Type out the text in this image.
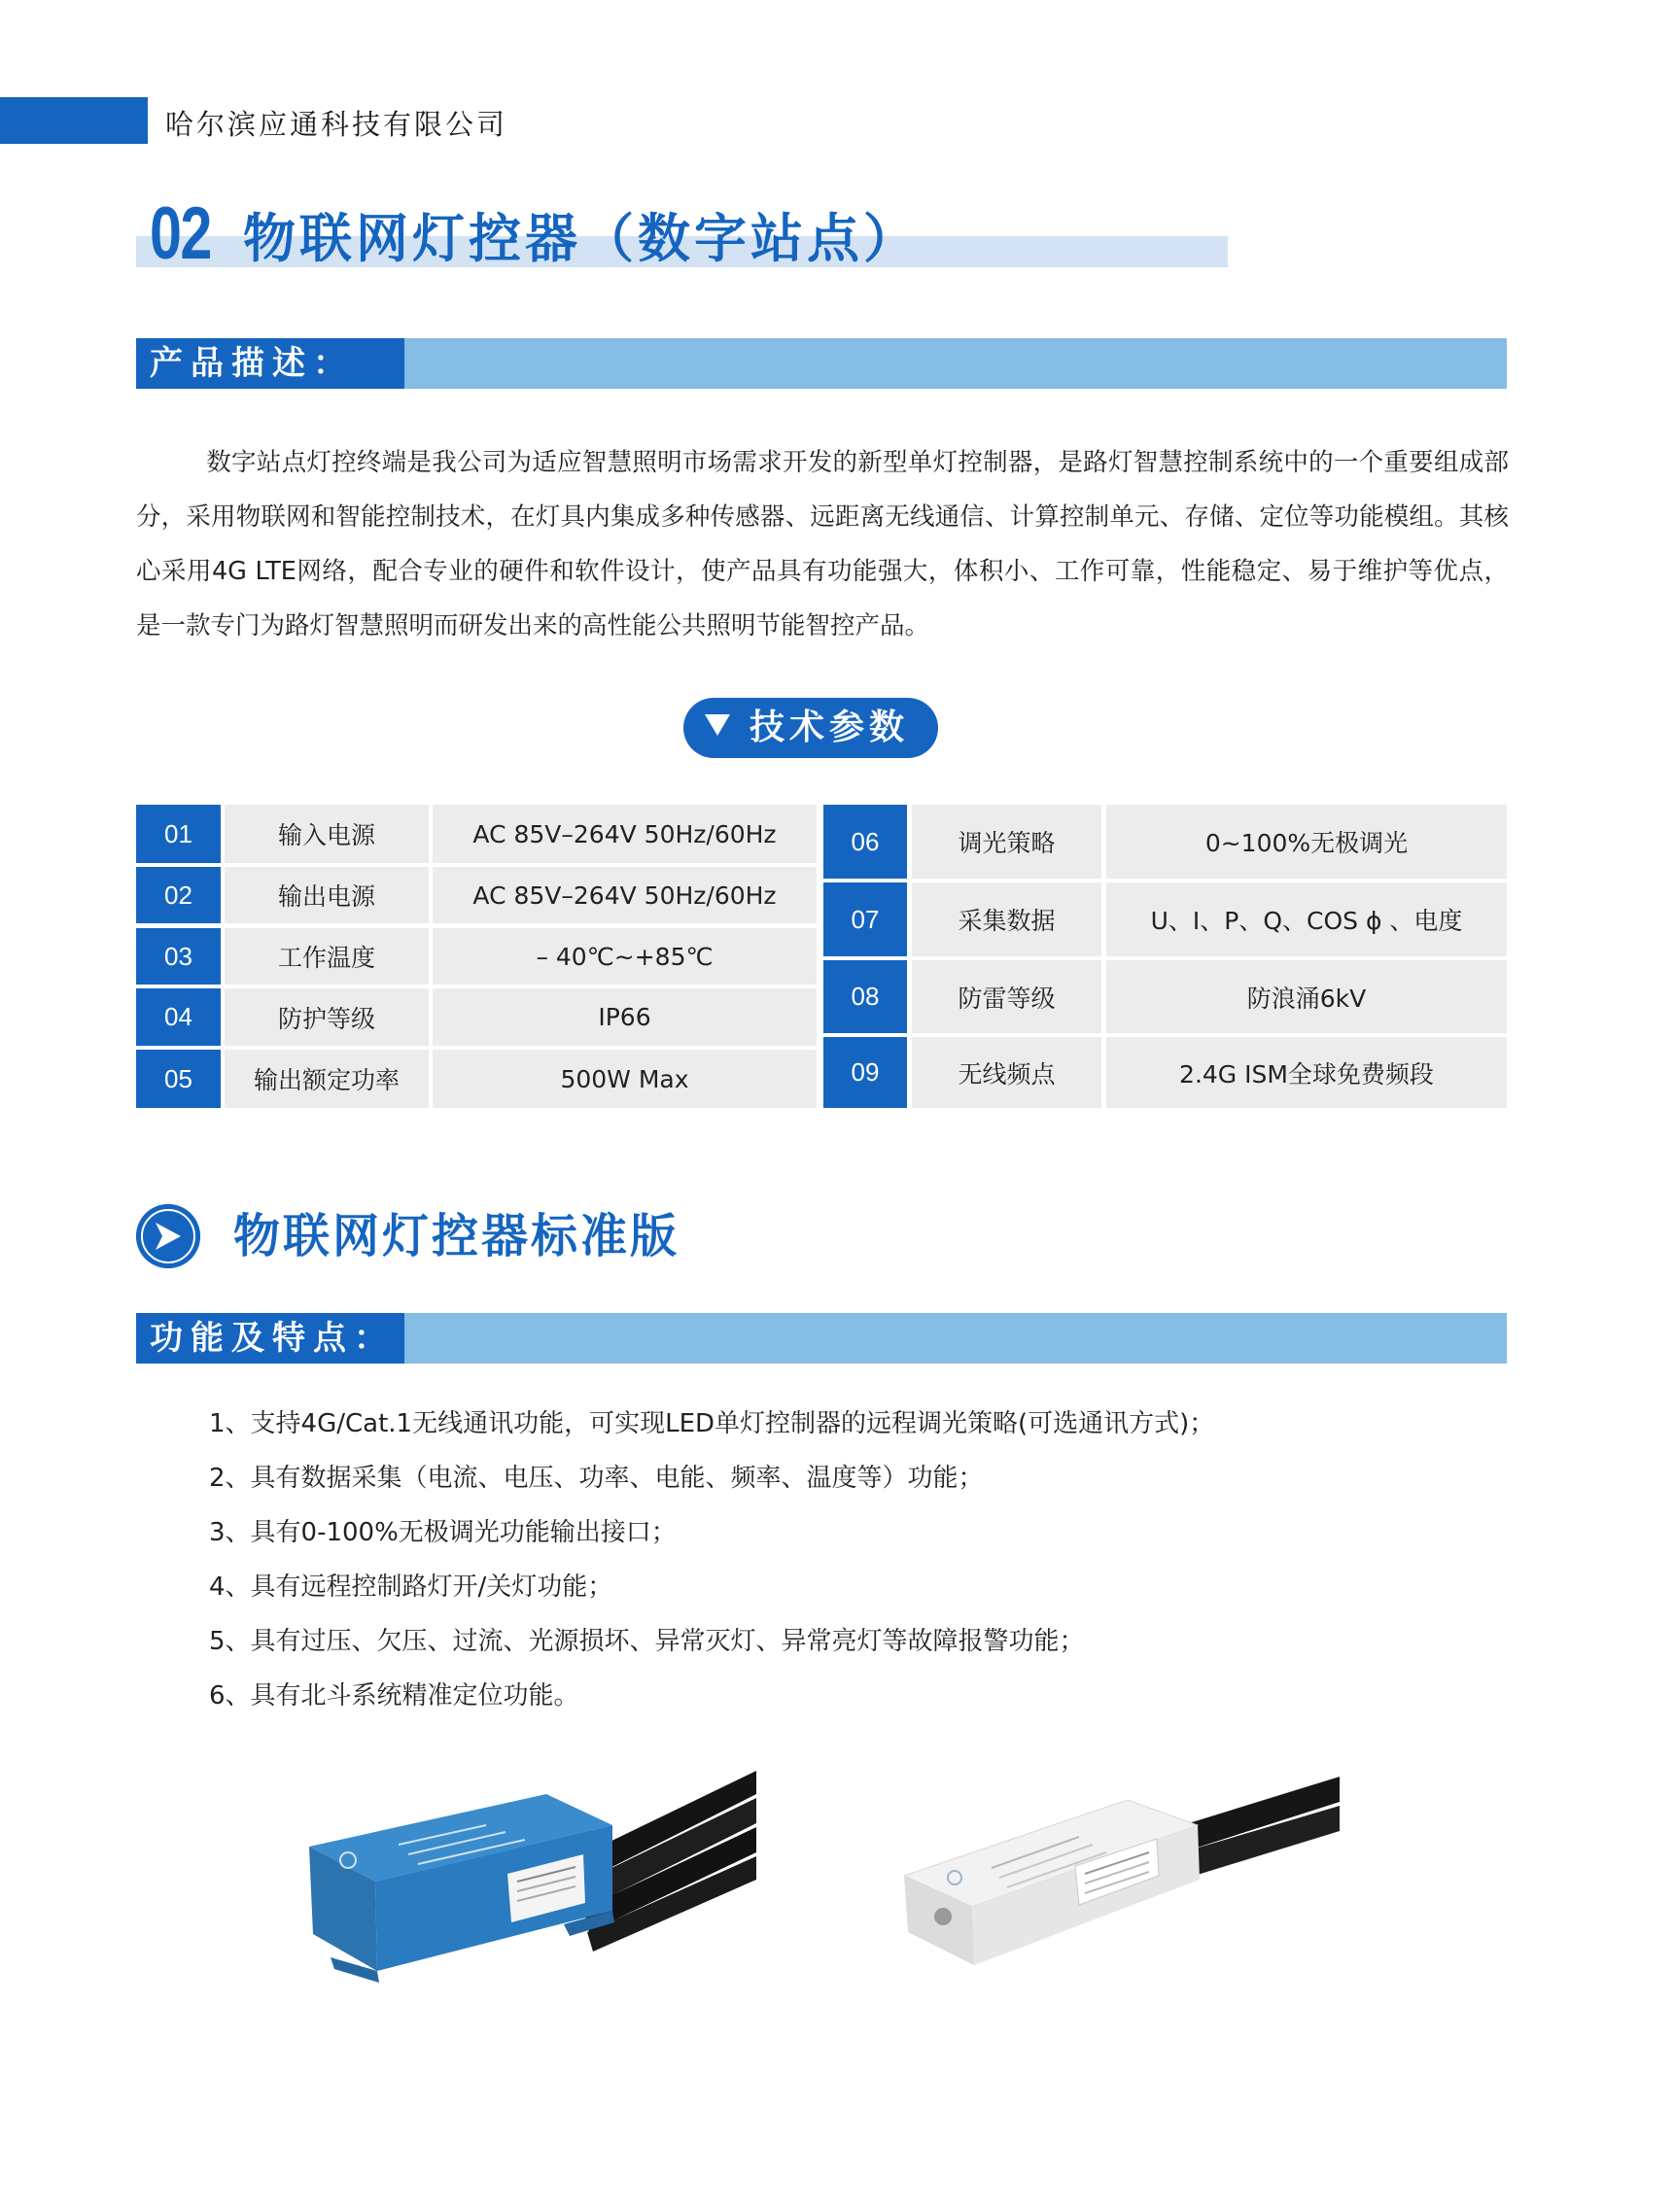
哈尔滨应通科技有限公司
02 物联网灯控器（数字站点）
产品描述：
数字站点灯控终端是我公司为适应智慧照明市场需求开发的新型单灯控制器，是路灯智慧控制系统中的一个重要组成部分，采用物联网和智能控制技术，在灯具内集成多种传感器、远距离无线通信、计算控制单元、存储、定位等功能模组。其核心采用4G LTE网络，配合专业的硬件和软件设计，使产品具有功能强大，体积小、工作可靠，性能稳定、易于维护等优点，是一款专门为路灯智慧照明而研发出来的高性能公共照明节能智控产品。
技术参数
01	输入电源	AC 85V–264V 50Hz/60Hz
02	输出电源	AC 85V–264V 50Hz/60Hz
03	工作温度	– 40℃~+85℃
04	防护等级	IP66
05	输出额定功率	500W Max
06	调光策略	0~100%无极调光
07	采集数据	U、I、P、Q、COS ϕ 、电度
08	防雷等级	防浪涌6kV
09	无线频点	2.4G ISM全球免费频段
物联网灯控器标准版
功能及特点：
1、支持4G/Cat.1无线通讯功能，可实现LED单灯控制器的远程调光策略(可选通讯方式)；
2、具有数据采集（电流、电压、功率、电能、频率、温度等）功能；
3、具有0-100%无极调光功能输出接口；
4、具有远程控制路灯开/关灯功能；
5、具有过压、欠压、过流、光源损坏、异常灭灯、异常亮灯等故障报警功能；
6、具有北斗系统精准定位功能。
